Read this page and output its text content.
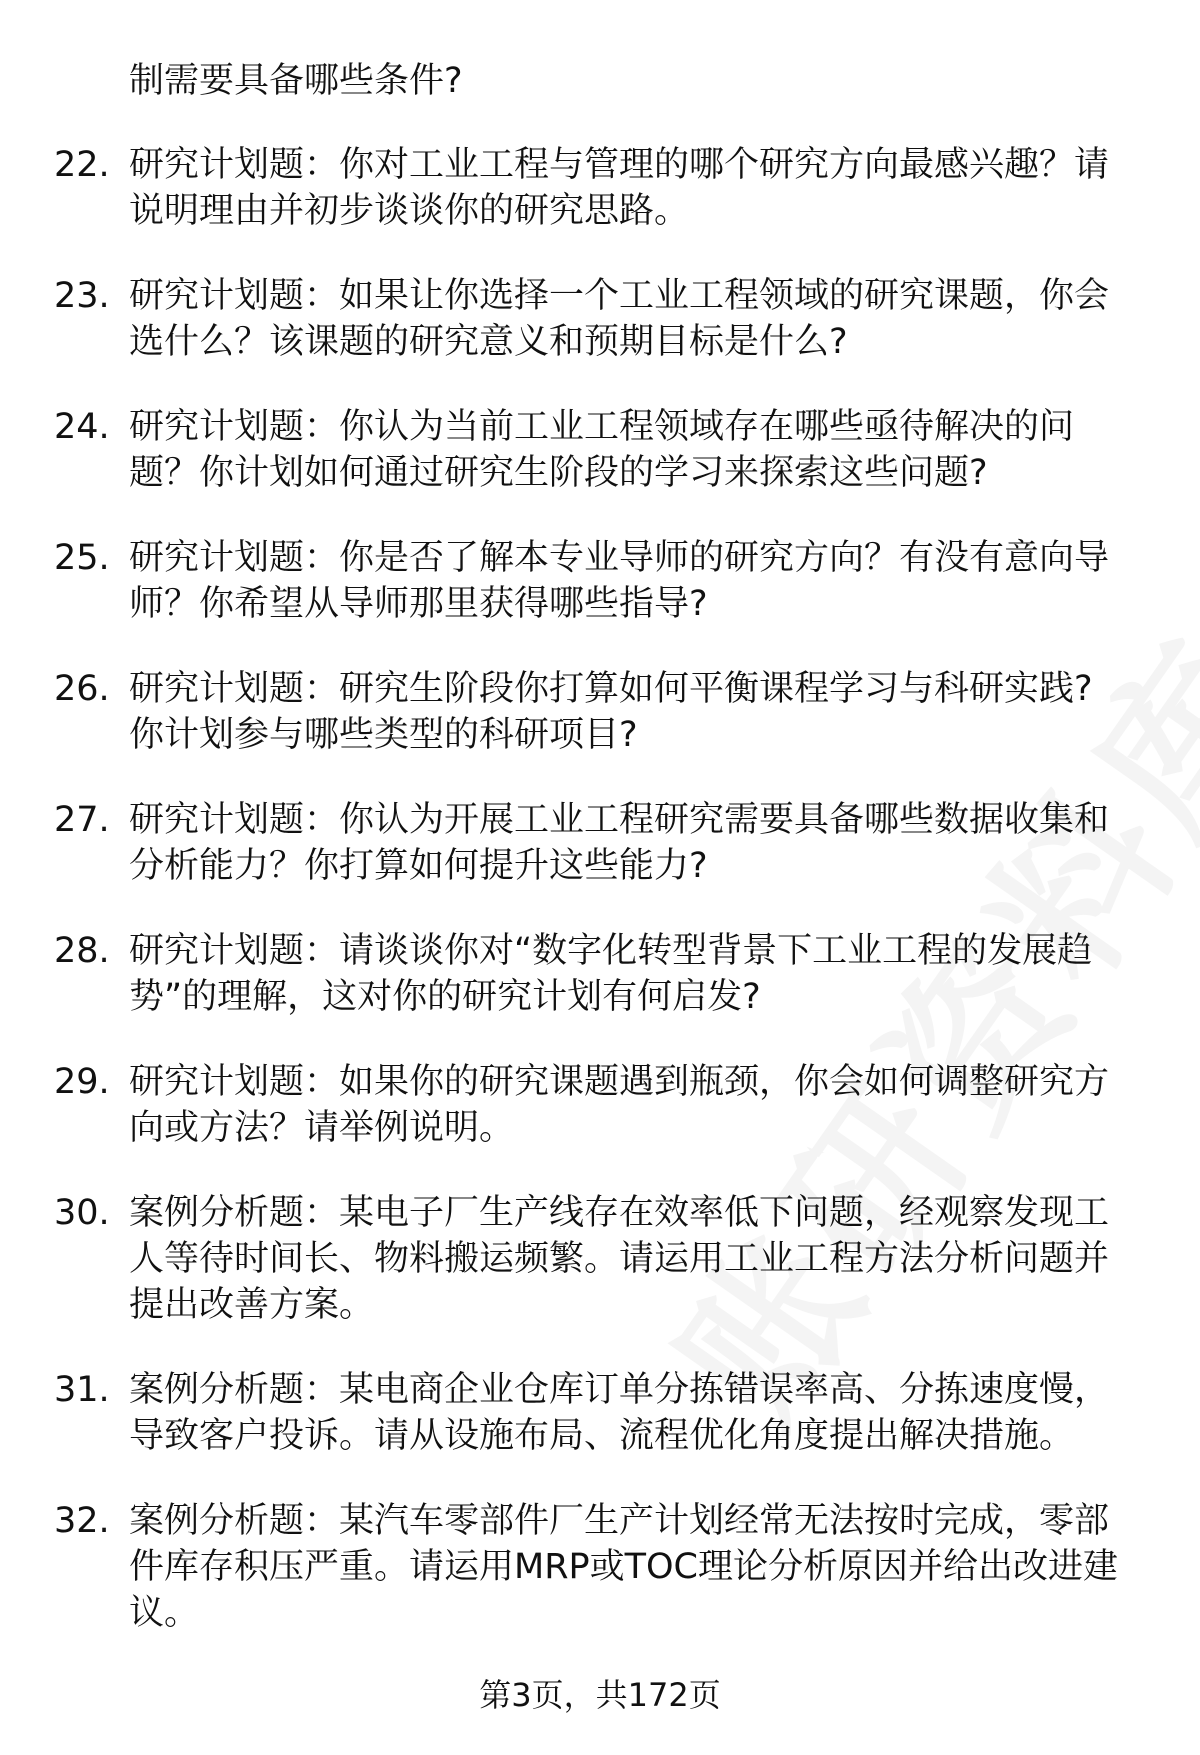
制需要具备哪些条件?
22. 研究计划题：你对工业工程与管理的哪个研究方向最感兴趣？请
说明理由并初步谈谈你的研究思路。
23. 研究计划题：如果让你选择一个工业工程领域的研究课题，你会
选什么？该课题的研究意义和预期目标是什么?
24. 研究计划题：你认为当前工业工程领域存在哪些亟待解决的问
题？你计划如何通过研究生阶段的学习来探索这些问题?
25. 研究计划题：你是否了解本专业导师的研究方向？有没有意向导
师？你希望从导师那里获得哪些指导?
26. 研究计划题：研究生阶段你打算如何平衡课程学习与科研实践?
你计划参与哪些类型的科研项目?
27. 研究计划题：你认为开展工业工程研究需要具备哪些数据收集和
分析能力？你打算如何提升这些能力?
28. 研究计划题：请谈谈你对“数字化转型背景下工业工程的发展趋
势”的理解，这对你的研究计划有何启发?
29. 研究计划题：如果你的研究课题遇到瓶颈，你会如何调整研究方
向或方法？请举例说明。
30. 案例分析题：某电子厂生产线存在效率低下问题，经观察发现工
人等待时间长、物料搬运频繁。请运用工业工程方法分析问题并
提出改善方案。
31. 案例分析题：某电商企业仓库订单分拣错误率高、分拣速度慢，
导致客户投诉。请从设施布局、流程优化角度提出解决措施。
32. 案例分析题：某汽车零部件厂生产计划经常无法按时完成，零部
件库存积压严重。请运用MRP或TOC理论分析原因并给出改进建
议。
第3页，共172页
